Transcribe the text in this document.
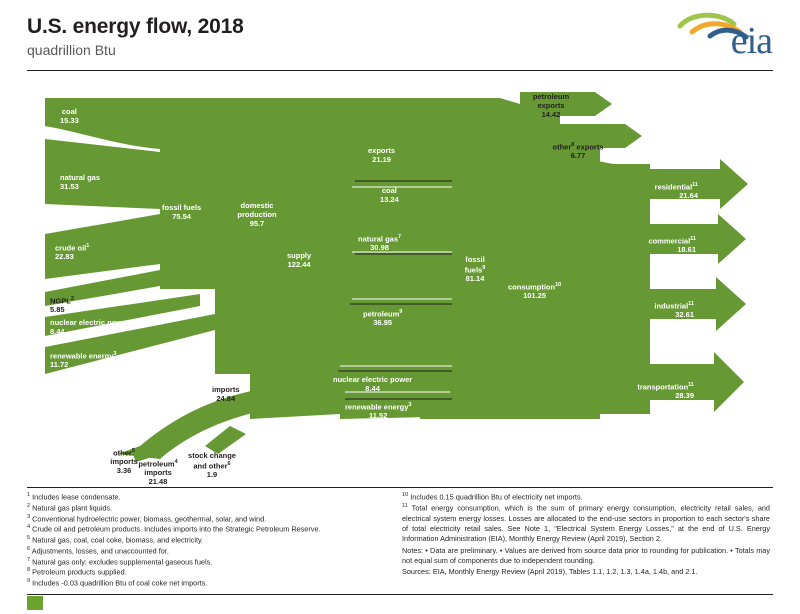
U.S. energy flow, 2018
quadrillion Btu	eia
coal
15.33
natural gas
31.53
crude oil$^1$
22.83
NGPL$^2$
5.85
nuclear electric power
8.44
renewable energy$^3$
11.72
fossil fuels
75.54
domestic
production
95.7
petroleum$^4$
imports
21.48
other$^5$
imports
3.36
imports
24.84
stock change
and other$^6$
1.9
supply
122.44
petroleum
exports
14.42
other$^8$ exports
6.77
exports
21.19
coal
13.24
natural gas$^7$
30.98
petroleum$^9$
36.95
fossil
fuels$^9$
81.14
nuclear electric power
8.44
renewable energy$^3$
11.52
consumption$^{10}$
101.25
residential$^{11}$
21.64
commercial$^{11}$
18.61
industrial$^{11}$
32.61
transportation$^{11}$
28.39
$^1$ Includes lease condensate.
$^2$ Natural gas plant liquids.
$^3$ Conventional hydroelectric power, biomass, geothermal, solar, and wind.
$^4$ Crude oil and petroleum products. Includes imports into the Strategic Petroleum Reserve.
$^5$ Natural gas, coal, coal coke, biomass, and electricity.
$^6$ Adjustments, losses, and unaccounted for.
$^7$ Natural gas only; excludes supplemental gaseous fuels.
$^8$ Petroleum products supplied.
$^9$ Includes -0.03 quadrillion Btu of coal coke net imports.
$^{10}$ Includes 0.15 quadrillion Btu of electricity net imports.
$^{11}$ Total energy consumption, which is the sum of primary energy consumption, electricity retail sales, and electrical system energy losses. Losses are allocated to the end-use sectors in proportion to each sector's share of total electricity retail sales. See Note 1, "Electrical System Energy Losses," at the end of U.S. Energy Information Administration (EIA), Monthly Energy Review (April 2019), Section 2.
Notes: • Data are preliminary. • Values are derived from source data prior to rounding for publication. • Totals may not equal sum of components due to independent rounding.
Sources: EIA, Monthly Energy Review (April 2019), Tables 1.1, 1.2, 1.3, 1.4a, 1.4b, and 2.1.
